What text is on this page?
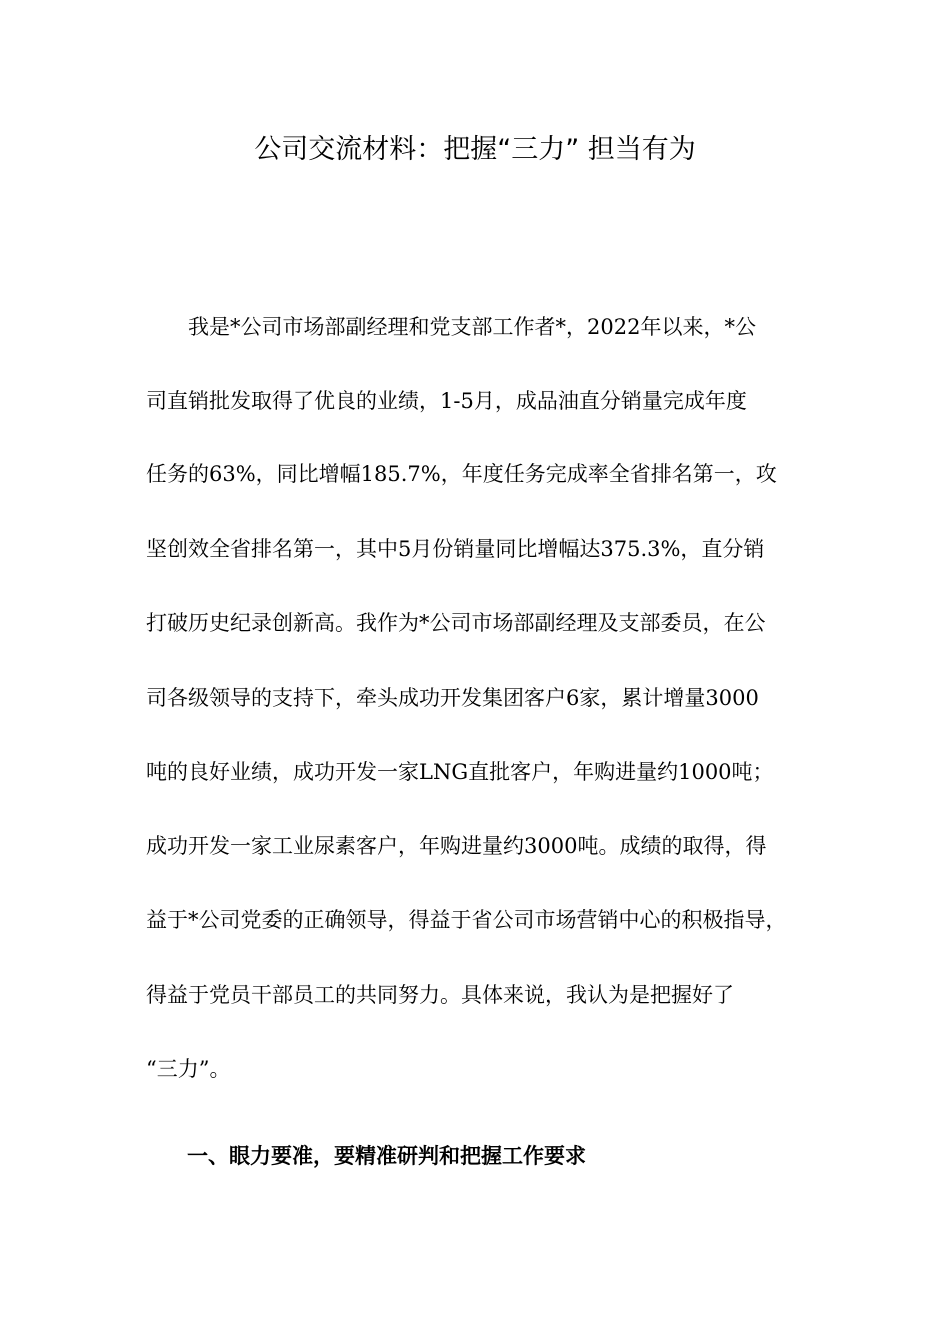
公司交流材料：把握“三力” 担当有为
我是*公司市场部副经理和党支部工作者*，2022年以来，*公
司直销批发取得了优良的业绩，1-5月，成品油直分销量完成年度
任务的63%，同比增幅185.7%，年度任务完成率全省排名第一，攻
坚创效全省排名第一，其中5月份销量同比增幅达375.3%，直分销
打破历史纪录创新高。我作为*公司市场部副经理及支部委员，在公
司各级领导的支持下，牵头成功开发集团客户6家，累计增量3000
吨的良好业绩，成功开发一家LNG直批客户，年购进量约1000吨；
成功开发一家工业尿素客户，年购进量约3000吨。成绩的取得，得
益于*公司党委的正确领导，得益于省公司市场营销中心的积极指导，
得益于党员干部员工的共同努力。具体来说，我认为是把握好了
“三力”。
一、眼力要准，要精准研判和把握工作要求
